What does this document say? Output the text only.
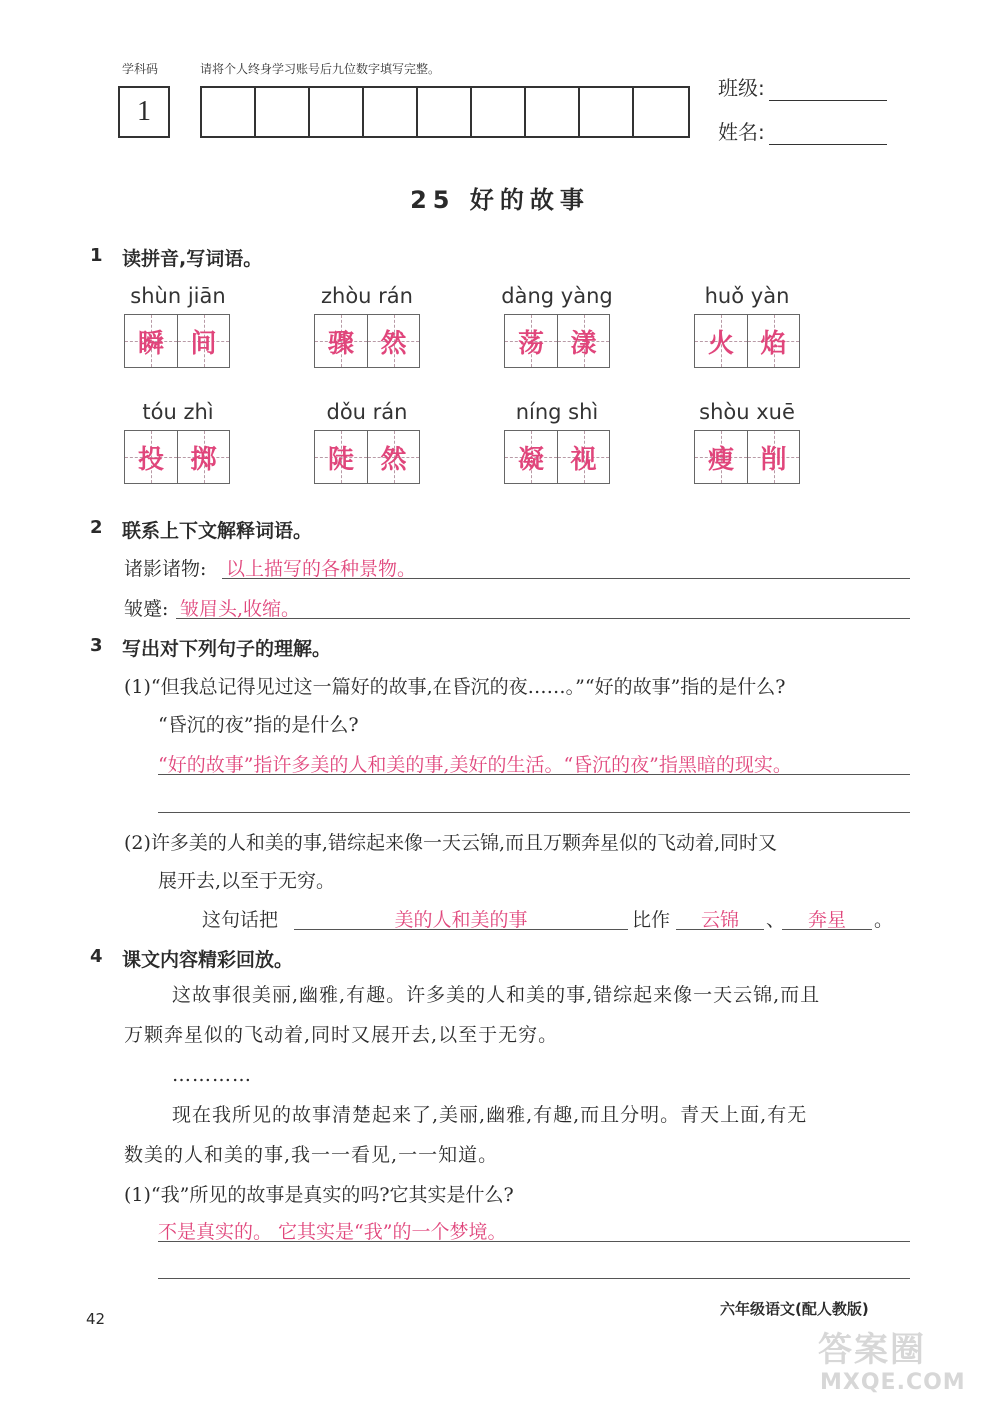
学科码	请将个人终身学习账号后九位数字填写完整。
1
班级:
姓名:
25 好的故事
1 读拼音,写词语。
shùn jiān
瞬 间
zhòu rán
骤 然
dàng yàng
荡 漾
huǒ yàn
火 焰
tóu zhì
投 掷
dǒu rán
陡 然
níng shì
凝 视
shòu xuē
瘦 削
2 联系上下文解释词语。
诸影诸物: 以上描写的各种景物。
皱蹙: 皱眉头,收缩。
3 写出对下列句子的理解。
(1)“但我总记得见过这一篇好的故事,在昏沉的夜……。”“好的故事”指的是什么?
“昏沉的夜”指的是什么?
“好的故事”指许多美的人和美的事,美好的生活。“昏沉的夜”指黑暗的现实。
(2)许多美的人和美的事,错综起来像一天云锦,而且万颗奔星似的飞动着,同时又
展开去,以至于无穷。
这句话把	美的人和美的事	比作	云锦	、	奔星	。
4 课文内容精彩回放。
这故事很美丽,幽雅,有趣。许多美的人和美的事,错综起来像一天云锦,而且
万颗奔星似的飞动着,同时又展开去,以至于无穷。
…………
现在我所见的故事清楚起来了,美丽,幽雅,有趣,而且分明。青天上面,有无
数美的人和美的事,我一一看见,一一知道。
(1)“我”所见的故事是真实的吗?它其实是什么?
不是真实的。 它其实是“我”的一个梦境。
42
六年级语文(配人教版)
答案圈
MXQE.COM
